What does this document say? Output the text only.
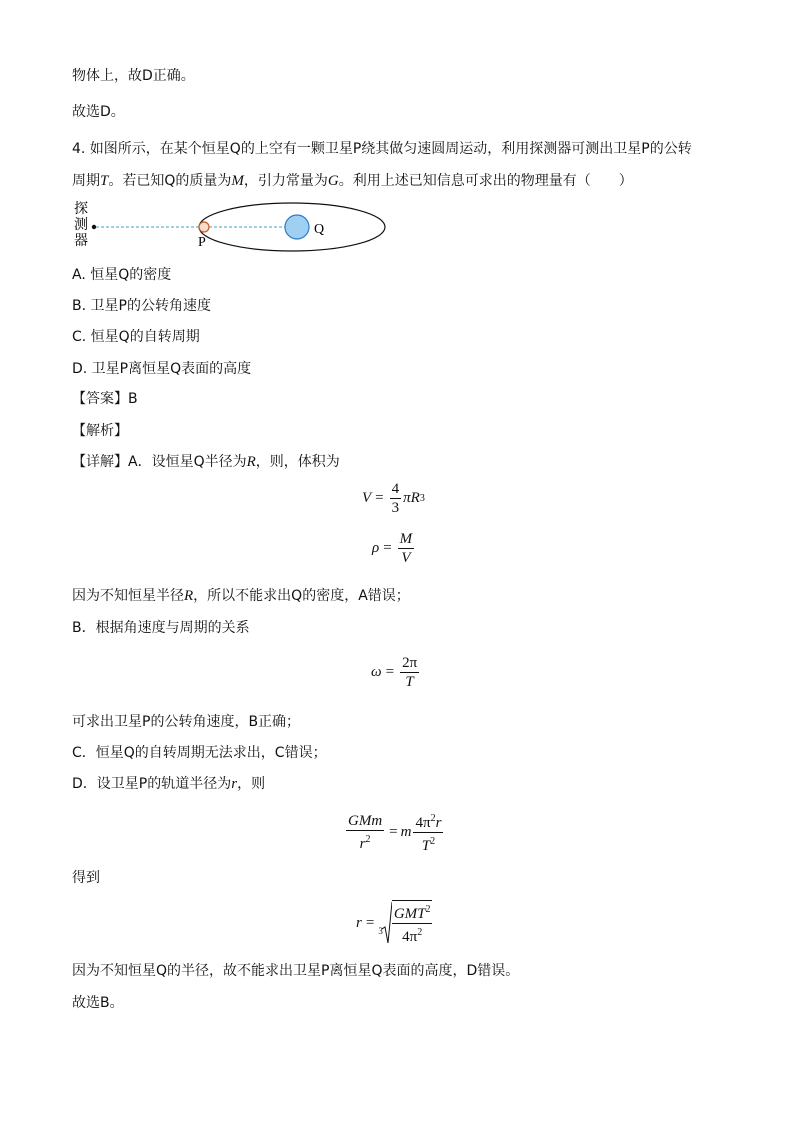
物体上，故D正确。
故选D。
4. 如图所示，在某个恒星Q的上空有一颗卫星P绕其做匀速圆周运动，利用探测器可测出卫星P的公转
周期T。若已知Q的质量为M，引力常量为G。利用上述已知信息可求出的物理量有（　　）
探
测
器	P
Q
A. 恒星Q的密度
B. 卫星P的公转角速度
C. 恒星Q的自转周期
D. 卫星P离恒星Q表面的高度
【答案】B
【解析】
【详解】A．设恒星Q半径为R，则，体积为
$V = \frac{4}{3}$ πR 3
$\rho = \frac{M}{V}$
因为不知恒星半径R，所以不能求出Q的密度，A错误；
B．根据角速度与周期的关系
$\omega = \frac{2\pi}{T}$
可求出卫星P的公转角速度，B正确；
C．恒星Q的自转周期无法求出，C错误；
D．设卫星P的轨道半径为r，则
$\frac{\text{GMm}}{r^2} = m \frac{4\pi^2r}{T^2}$
得到
r =
$3 \frac{GMT^2}{4\pi^2}$
因为不知恒星Q的半径，故不能求出卫星P离恒星Q表面的高度，D错误。
故选B。
